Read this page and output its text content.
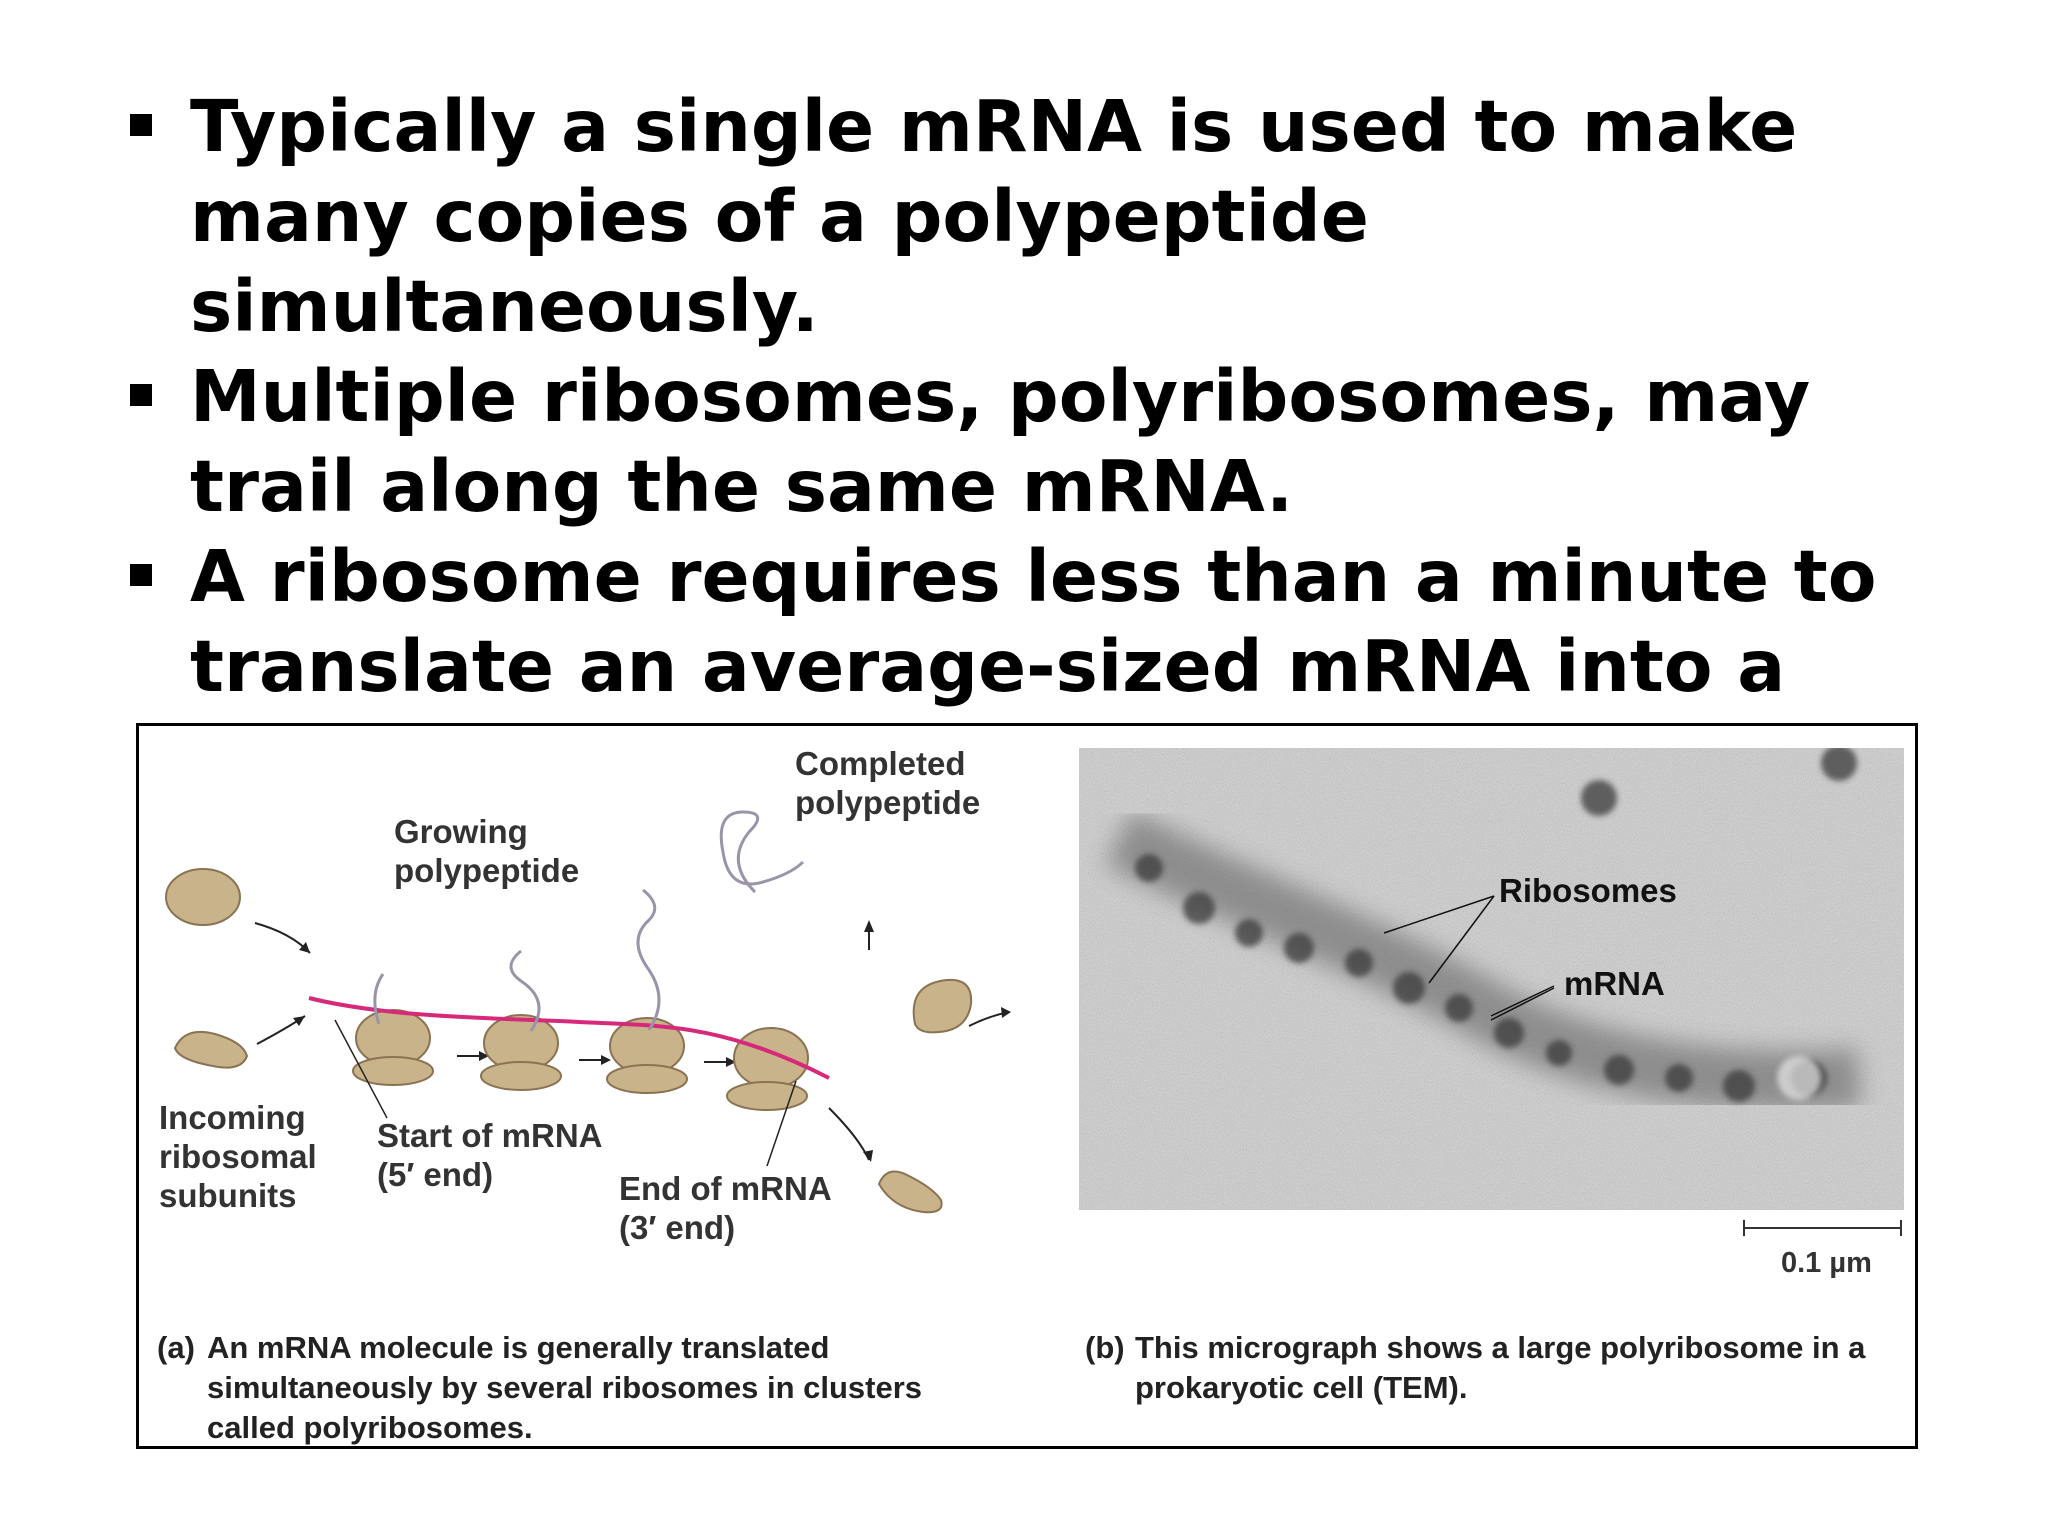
Typically a single mRNA is used to make many copies of a polypeptide simultaneously.
Multiple ribosomes, polyribosomes, may trail along the same mRNA.
A ribosome requires less than a minute to translate an average-sized mRNA into a
Completed
polypeptide
Growing
polypeptide
Incoming
ribosomal
subunits
Start of mRNA
(5′ end)	End of mRNA
(3′ end)
(a) An mRNA molecule is generally translated simultaneously by several ribosomes in clusters called polyribosomes.
Ribosomes
mRNA
0.1 µm
(b) This micrograph shows a large polyribosome in a prokaryotic cell (TEM).
